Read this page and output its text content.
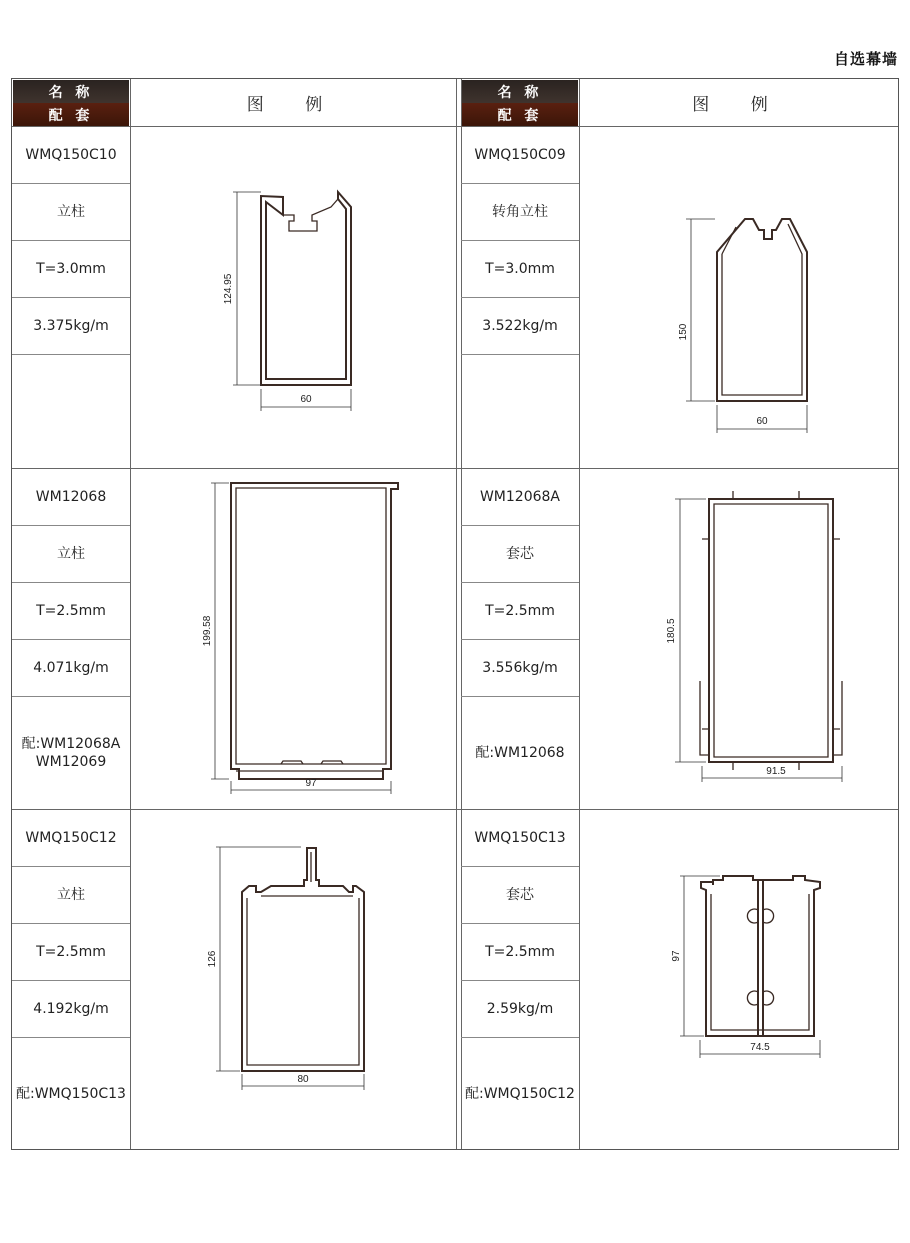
自选幕墙
名 称
配 套
图 例
名 称
配 套
图 例
WMQ150C10
立柱
T=3.0mm
3.375kg/m
124.95
60
WMQ150C09
转角立柱
T=3.0mm
3.522kg/m	150
60
WM12068
立柱
T=2.5mm
4.071kg/m
配:WM12068A
WM12069
199.58
97
WM12068A
套芯
T=2.5mm
3.556kg/m
配:WM12068
180.5
91.5
WMQ150C12
立柱
T=2.5mm
4.192kg/m
配:WMQ150C13
126
80
WMQ150C13
套芯
T=2.5mm
2.59kg/m
配:WMQ150C12
97
74.5
